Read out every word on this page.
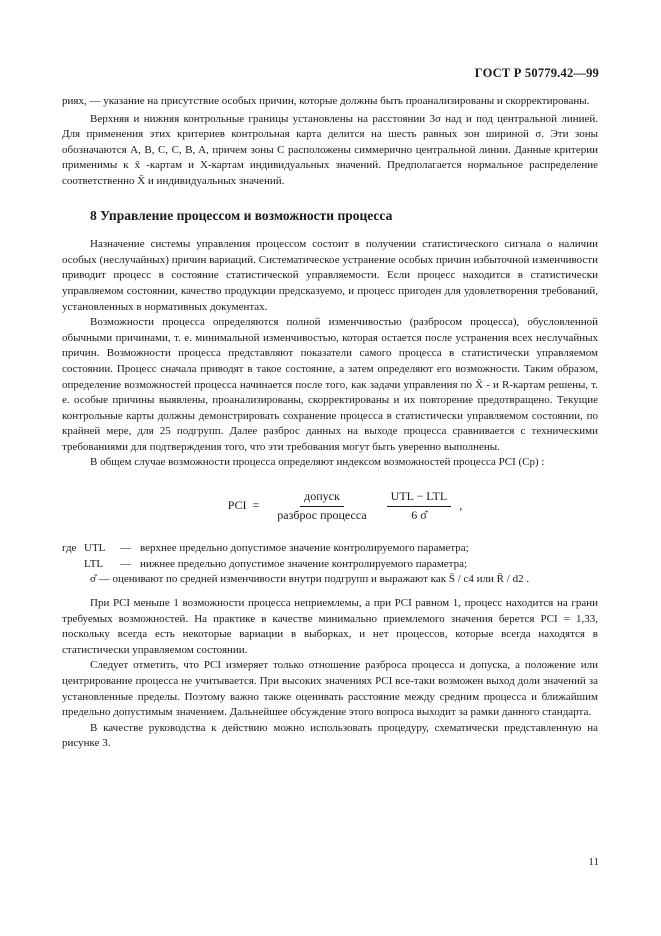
ГОСТ Р 50779.42—99

риях, — указание на присутствие особых причин, которые должны быть проанализированы и скорректированы.

Верхняя и нижняя контрольные границы установлены на расстоянии 3σ над и под центральной линией. Для применения этих критериев контрольная карта делится на шесть равных зон шириной σ. Эти зоны обозначаются A, B, C, C, B, A, причем зоны C расположены симмерично центральной линии. Данные критерии применимы к x̄ -картам и X-картам индивидуальных значений. Предполагается нормальное распределение соответственно X̄ и индивидуальных значений.

8 Управление процессом и возможности процесса

Назначение системы управления процессом состоит в получении статистического сигнала о наличии особых (неслучайных) причин вариаций. Систематическое устранение особых причин избыточной изменчивости приводит процесс в состояние статистической управляемости. Если процесс находится в статистически управляемом состоянии, качество продукции предсказуемо, и процесс пригоден для удовлетворения требований, установленных в нормативных документах.

Возможности процесса определяются полной изменчивостью (разбросом процесса), обусловленной обычными причинами, т. е. минимальной изменчивостью, которая остается после устранения всех неслучайных причин. Возможности процесса представляют показатели самого процесса в статистически управляемом состоянии. Процесс сначала приводят в такое состояние, а затем определяют его возможности. Таким образом, определение возможностей процесса начинается после того, как задачи управления по X̄ - и R-картам решены, т. е. особые причины выявлены, проанализированы, скорректированы и их повторение предотвращено. Текущие контрольные карты должны демонстрировать сохранение процесса в статистически управляемом состоянии, по крайней мере, для 25 подгрупп. Далее разброс данных на выходе процесса сравнивается с техническими требованиями для подтверждения того, что эти требования могут быть уверенно выполнены.

В общем случае возможности процесса определяют индексом возможностей процесса PCI (Cp) :

PCI = $\frac{\text{допуск}}{\text{разброс процесса}} \frac{\text{UTL − LTL}}{6 \sigmâ}$ ,
где UTL	— верхнее предельно допустимое значение контролируемого параметра;
LTL	— нижнее предельно допустимое значение контролируемого параметра;

σ̂ — оценивают по средней изменчивости внутри подгрупп и выражают как S̄ / c4 или R̄ / d2 .

При PCI меньше 1 возможности процесса неприемлемы, а при PCI равном 1, процесс находится на грани требуемых возможностей. На практике в качестве минимально приемлемого значения берется PCI = 1,33, поскольку всегда есть некоторые вариации в выборках, и нет процессов, которые всегда находятся в статистически управляемом состоянии.

Следует отметить, что PCI измеряет только отношение разброса процесса и допуска, а положение или центрирование процесса не учитывается. При высоких значениях PCI все-таки возможен выход доли значений за установленные пределы. Поэтому важно также оценивать расстояние между средним процесса и ближайшим предельно допустимым значением. Дальнейшее обсуждение этого вопроса выходит за рамки данного стандарта.

В качестве руководства к действию можно использовать процедуру, схематически представленную на рисунке 3.

11
